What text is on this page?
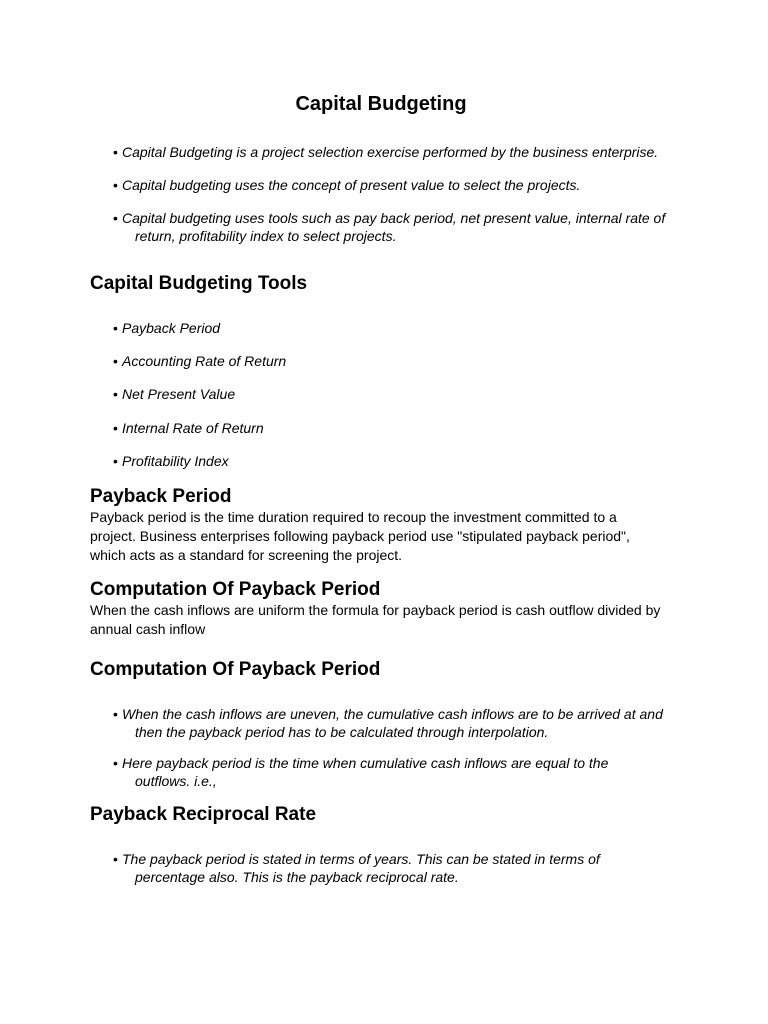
Capital Budgeting

• Capital Budgeting is a project selection exercise performed by the business enterprise.

• Capital budgeting uses the concept of present value to select the projects.

• Capital budgeting uses tools such as pay back period, net present value, internal rate of return, profitability index to select projects.

Capital Budgeting Tools

• Payback Period

• Accounting Rate of Return

• Net Present Value

• Internal Rate of Return

• Profitability Index

Payback Period

Payback period is the time duration required to recoup the investment committed to a project. Business enterprises following payback period use "stipulated payback period", which acts as a standard for screening the project.

Computation Of Payback Period

When the cash inflows are uniform the formula for payback period is cash outflow divided by annual cash inflow

Computation Of Payback Period

• When the cash inflows are uneven, the cumulative cash inflows are to be arrived at and then the payback period has to be calculated through interpolation.

• Here payback period is the time when cumulative cash inflows are equal to the outflows. i.e.,

Payback Reciprocal Rate

• The payback period is stated in terms of years. This can be stated in terms of percentage also. This is the payback reciprocal rate.
